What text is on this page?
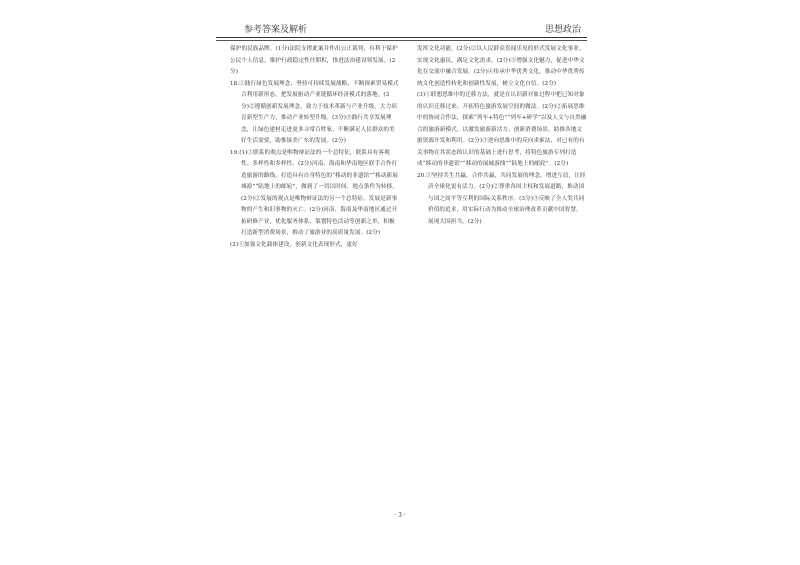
参考答案及解析	思想政治

保护的民族品牌。(1分)法院支撑此案并作出公正裁判，有利于保护公民个人信息，维护行政稳定性任期积，推进法治建设领发展。(2分)

18.①践行绿色发展理念，坚持可持续发展战略，不断探索贸易模式合利用新形态，把发展驱动产业链循环经济模式的落地。(3分)②遵循创新发展理念，致力于技术革新与产业升级，大力培育新型生产力，推动产业转型升级。(3分)③践行共享发展理念，让绿色建材走进更多寻常百姓家，不断满足人民群众的美好生活需要，助推绿美广东的发展。(2分)

19.(1)①联系的观点是唯物辩证法的一个总特征，联系具有客观性、多样性和多样性。(2分)河南、海南和华南地区联手合作打造旅游的路线，打造具有自身特色的“移动的非遗馆”“移动新展城游”“陆地上的邮轮”，做到了一切以时间、地点条件为转移。(2分)②发展的观点是唯物辩证法的另一个总特征，发展是新事物的产生和旧事物的灭亡。(2分)河南、海南及华南地区通过开拓研修产业，优化服务体系，策划特色活动等创新之举，积极打造新型消费场景，推动了旅游业的高质量发展。(2分)

(2)①加强文化载体建设，创新文化表现形式，更好

发挥文化功能。(2分)②以人民群众喜闻乐见的形式发展文化事业，实现文化惠民，满足文化需求。(2分)③增强文化魅力，促进中华文化在交流中融合发展。(2分)④传承中华优秀文化，推动中华优秀传统文化创造性转化和创新性发展，树立文化自信。(2分)

(3)①联想思维中的迁移方法，就是在认识新对象过程中把已知对象的认识迁移过来。开拓特色旅游发展空间的做法。(2分)②拓展思维中的协同合作法，探索“列车+特色”“列车+研学”以及人文与自然融合的旅游新模式，以激发旅游新活力、创新消费场景，助推各地文旅资源开发和利用。(2分)③逆向思维中的反向求索法，对已有的有关事物在其状态的认识的基础上进行思考，将特色旅游专列打造成“移动的非遗馆”“移动的展城游线”“陆地上的邮轮”。(2分)

20.①坚持共生共赢，合作共赢，共同发展的理念，增进互信，让经济全球化更有活力。(2分)②尊重各国主权和发展道路，推动国与国之间平等互利的国际关系秩序。(3分)③反映了全人类共同价值的追求，用实际行动为推动全球治理改革贡献中国智慧，展现大国担当。(2分)

· 3 ·
